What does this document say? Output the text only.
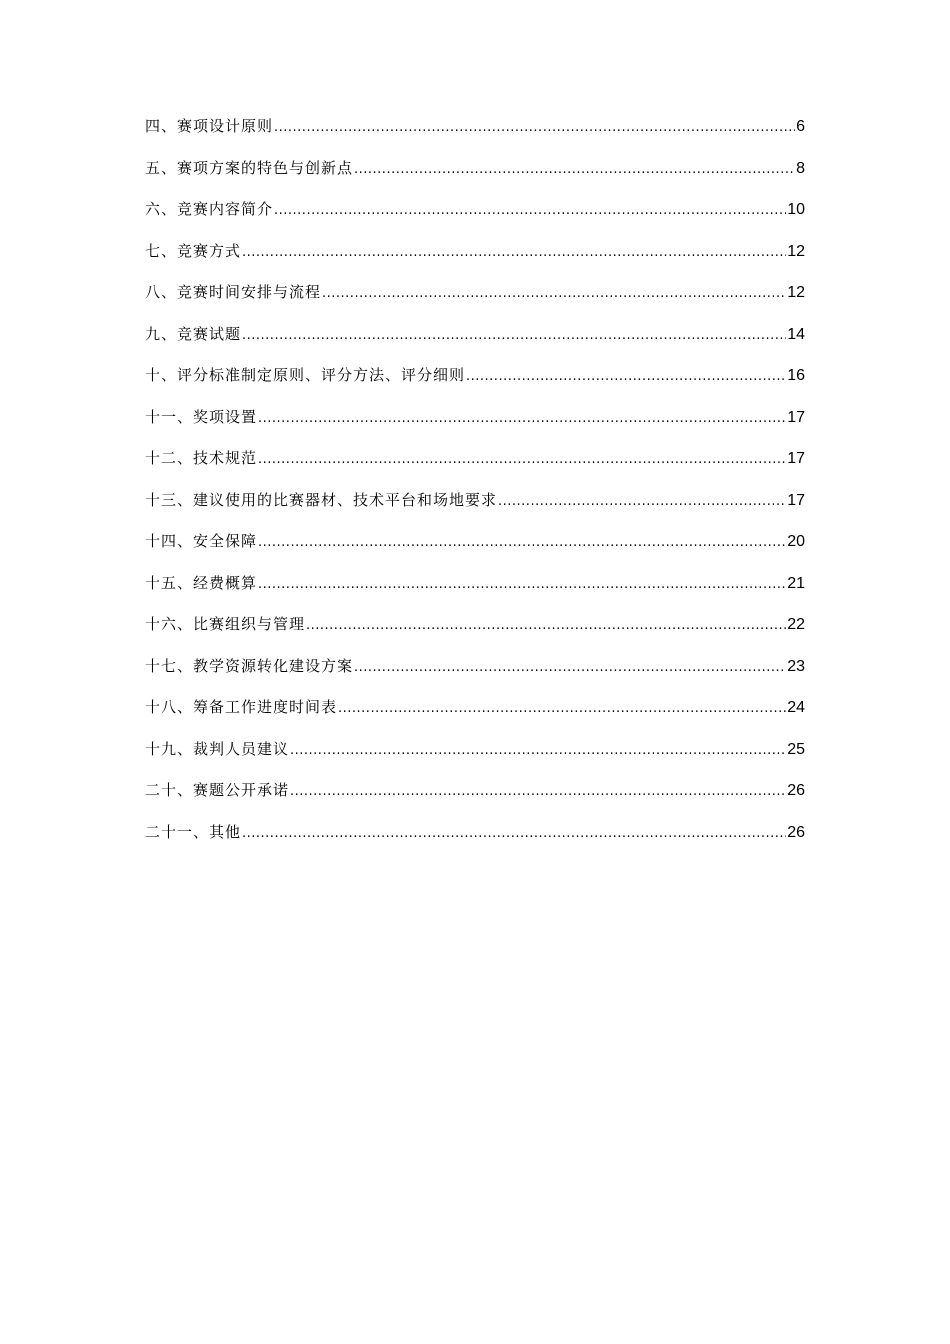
四、赛项设计原则 .....	6
五、赛项方案的特色与创新点 .....	8
六、竞赛内容简介 .....	10
七、竞赛方式 .....	12
八、竞赛时间安排与流程 .....	12
九、竞赛试题 .....	14
十、评分标准制定原则、评分方法、评分细则 .....	16
十一、奖项设置 .....	17
十二、技术规范 .....	17
十三、建议使用的比赛器材、技术平台和场地要求 .....	17
十四、安全保障 .....	20
十五、经费概算 .....	21
十六、比赛组织与管理 .....	22
十七、教学资源转化建设方案 .....	23
十八、筹备工作进度时间表 .....	24
十九、裁判人员建议 .....	25
二十、赛题公开承诺 .....	26
二十一、其他 .....	26
